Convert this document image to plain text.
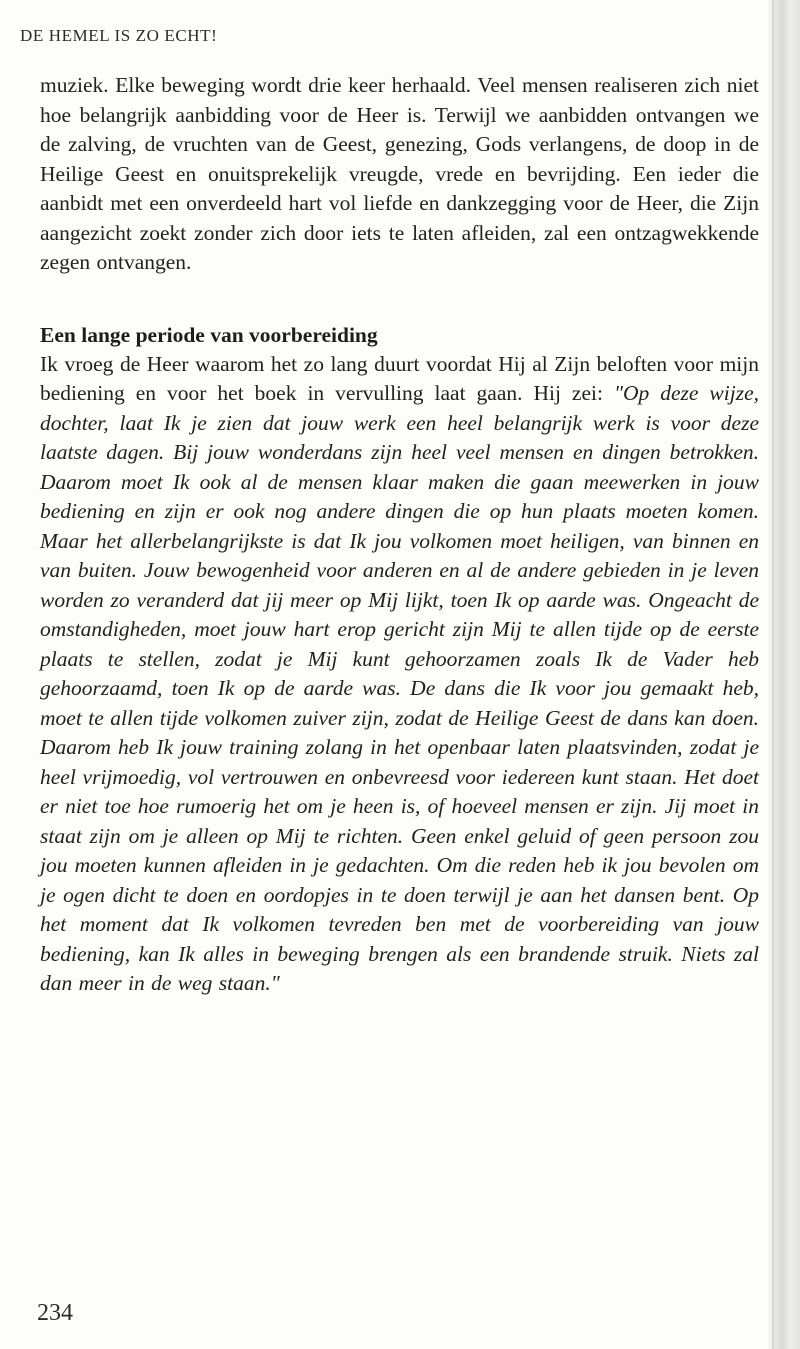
DE HEMEL IS ZO ECHT!

muziek. Elke beweging wordt drie keer herhaald. Veel mensen realiseren zich niet hoe belangrijk aanbidding voor de Heer is. Terwijl we aanbidden ontvangen we de zalving, de vruchten van de Geest, genezing, Gods verlangens, de doop in de Heilige Geest en onuitsprekelijk vreugde, vrede en bevrijding. Een ieder die aanbidt met een onverdeeld hart vol liefde en dankzegging voor de Heer, die Zijn aangezicht zoekt zonder zich door iets te laten afleiden, zal een ontzagwekkende zegen ontvangen.

Een lange periode van voorbereiding

Ik vroeg de Heer waarom het zo lang duurt voordat Hij al Zijn beloften voor mijn bediening en voor het boek in vervulling laat gaan. Hij zei: "Op deze wijze, dochter, laat Ik je zien dat jouw werk een heel belangrijk werk is voor deze laatste dagen. Bij jouw wonderdans zijn heel veel mensen en dingen betrokken. Daarom moet Ik ook al de mensen klaar maken die gaan meewerken in jouw bediening en zijn er ook nog andere dingen die op hun plaats moeten komen. Maar het allerbelangrijkste is dat Ik jou volkomen moet heiligen, van binnen en van buiten. Jouw bewogenheid voor anderen en al de andere gebieden in je leven worden zo veranderd dat jij meer op Mij lijkt, toen Ik op aarde was. Ongeacht de omstandigheden, moet jouw hart erop gericht zijn Mij te allen tijde op de eerste plaats te stellen, zodat je Mij kunt gehoorzamen zoals Ik de Vader heb gehoorzaamd, toen Ik op de aarde was. De dans die Ik voor jou gemaakt heb, moet te allen tijde volkomen zuiver zijn, zodat de Heilige Geest de dans kan doen. Daarom heb Ik jouw training zolang in het openbaar laten plaatsvinden, zodat je heel vrijmoedig, vol vertrouwen en onbevreesd voor iedereen kunt staan. Het doet er niet toe hoe rumoerig het om je heen is, of hoeveel mensen er zijn. Jij moet in staat zijn om je alleen op Mij te richten. Geen enkel geluid of geen persoon zou jou moeten kunnen afleiden in je gedachten. Om die reden heb ik jou bevolen om je ogen dicht te doen en oordopjes in te doen terwijl je aan het dansen bent. Op het moment dat Ik volkomen tevreden ben met de voorbereiding van jouw bediening, kan Ik alles in beweging brengen als een brandende struik. Niets zal dan meer in de weg staan."

234
